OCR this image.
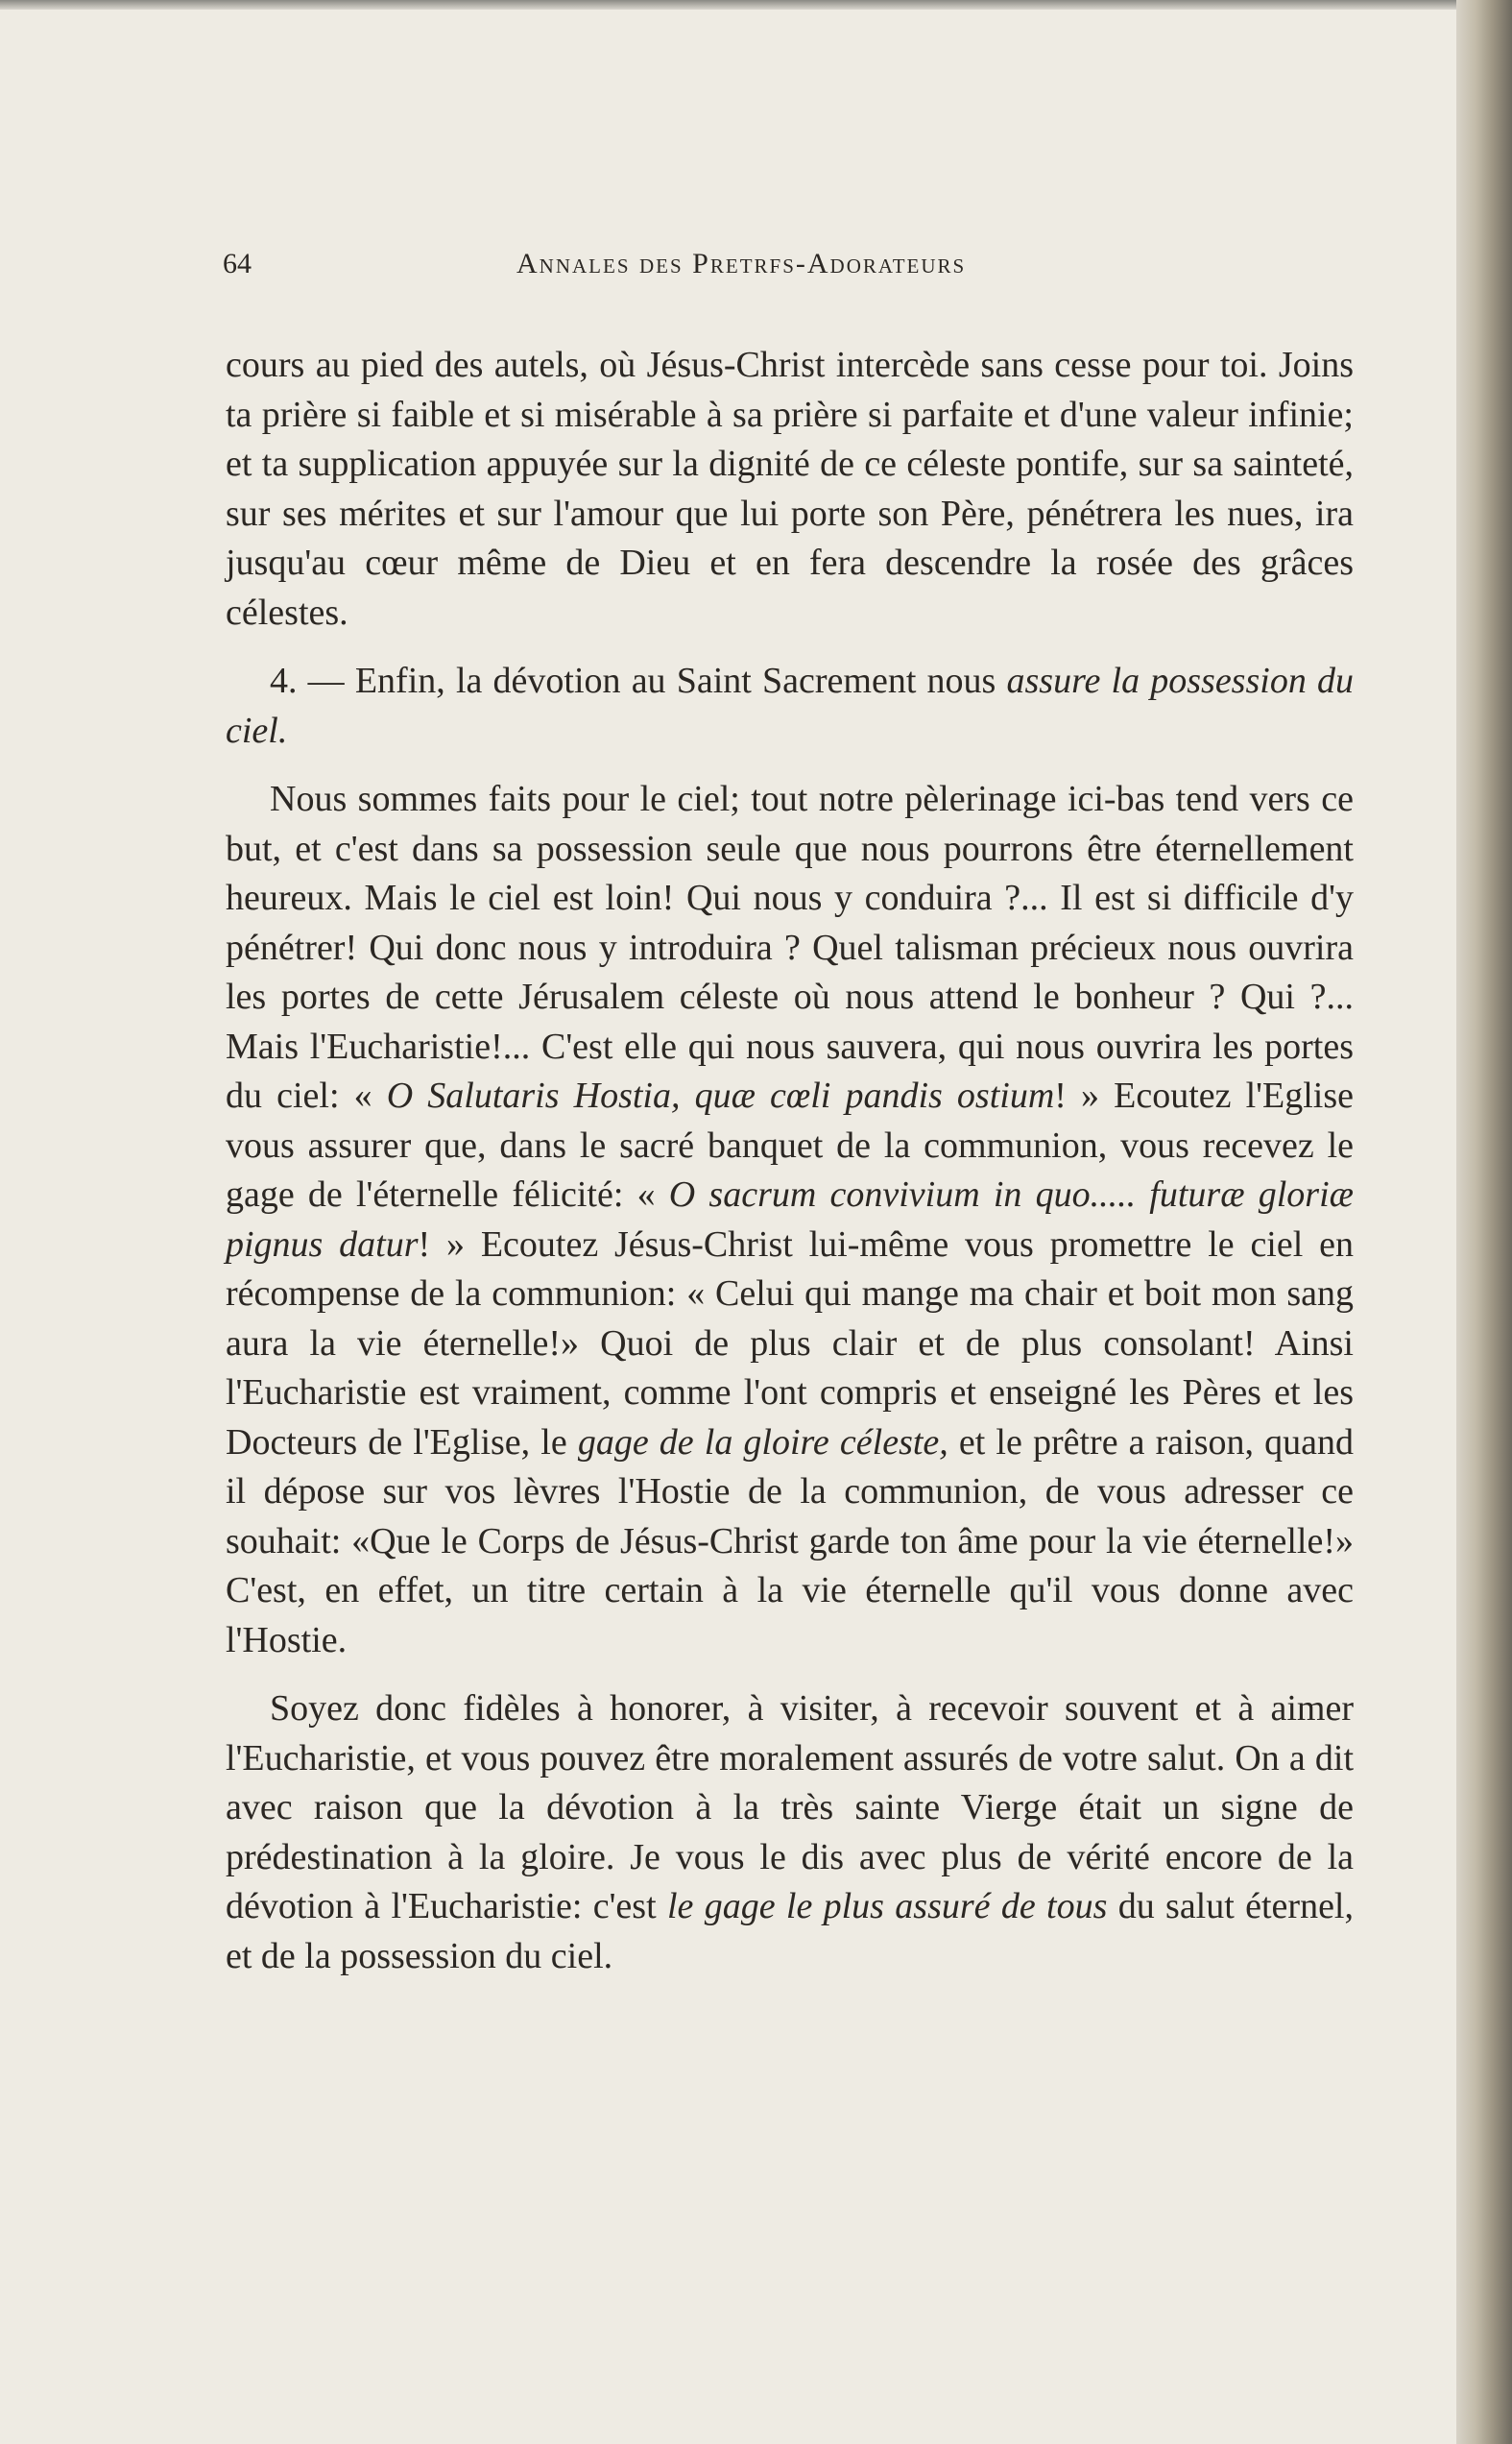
64	Annales des Pretrfs-Adorateurs

cours au pied des autels, où Jésus-Christ intercède sans cesse pour toi. Joins ta prière si faible et si misérable à sa prière si parfaite et d'une valeur infinie; et ta supplication appuyée sur la dignité de ce céleste pontife, sur sa sainteté, sur ses mérites et sur l'amour que lui porte son Père, pénétrera les nues, ira jusqu'au cœur même de Dieu et en fera descendre la rosée des grâces célestes.

4. — Enfin, la dévotion au Saint Sacrement nous assure la possession du ciel.

Nous sommes faits pour le ciel; tout notre pèlerinage ici-bas tend vers ce but, et c'est dans sa possession seule que nous pourrons être éternellement heureux. Mais le ciel est loin! Qui nous y conduira ?... Il est si difficile d'y pénétrer! Qui donc nous y introduira ? Quel talisman précieux nous ouvrira les portes de cette Jérusalem céleste où nous attend le bonheur ? Qui ?... Mais l'Eucharistie!... C'est elle qui nous sauvera, qui nous ouvrira les portes du ciel: « O Salutaris Hostia, quæ cœli pandis ostium! » Ecoutez l'Eglise vous assurer que, dans le sacré banquet de la communion, vous recevez le gage de l'éternelle félicité: « O sacrum convivium in quo..... futuræ gloriæ pignus datur! » Ecoutez Jésus-Christ lui-même vous promettre le ciel en récompense de la communion: « Celui qui mange ma chair et boit mon sang aura la vie éternelle!» Quoi de plus clair et de plus consolant! Ainsi l'Eucharistie est vraiment, comme l'ont compris et enseigné les Pères et les Docteurs de l'Eglise, le gage de la gloire céleste, et le prêtre a raison, quand il dépose sur vos lèvres l'Hostie de la communion, de vous adresser ce souhait: «Que le Corps de Jésus-Christ garde ton âme pour la vie éternelle!» C'est, en effet, un titre certain à la vie éternelle qu'il vous donne avec l'Hostie.

Soyez donc fidèles à honorer, à visiter, à recevoir souvent et à aimer l'Eucharistie, et vous pouvez être moralement assurés de votre salut. On a dit avec raison que la dévotion à la très sainte Vierge était un signe de prédestination à la gloire. Je vous le dis avec plus de vérité encore de la dévotion à l'Eucharistie: c'est le gage le plus assuré de tous du salut éternel, et de la possession du ciel.
